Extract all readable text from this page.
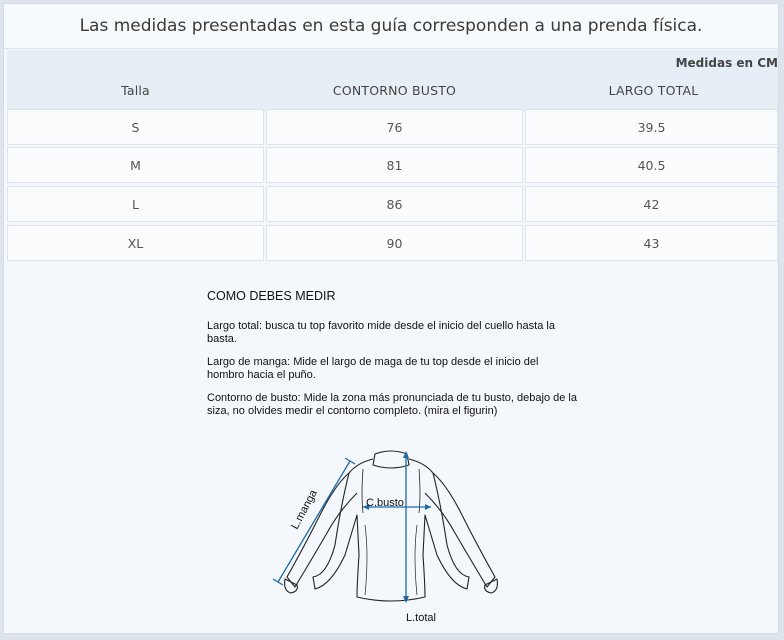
Las medidas presentadas en esta guía corresponden a una prenda física.
Medidas en CM
Talla	CONTORNO BUSTO	LARGO TOTAL
S	76	39.5
M	81	40.5
L	86	42
XL	90	43
COMO DEBES MEDIR

Largo total: busca tu top favorito mide desde el inicio del cuello hasta la basta.

Largo de manga: Mide el largo de maga de tu top desde el inicio del hombro hacia el puño.

Contorno de busto: Mide la zona más pronunciada de tu busto, debajo de la siza, no olvides medir el contorno completo. (mira el figurin)

L.manga	C.busto
L.total
